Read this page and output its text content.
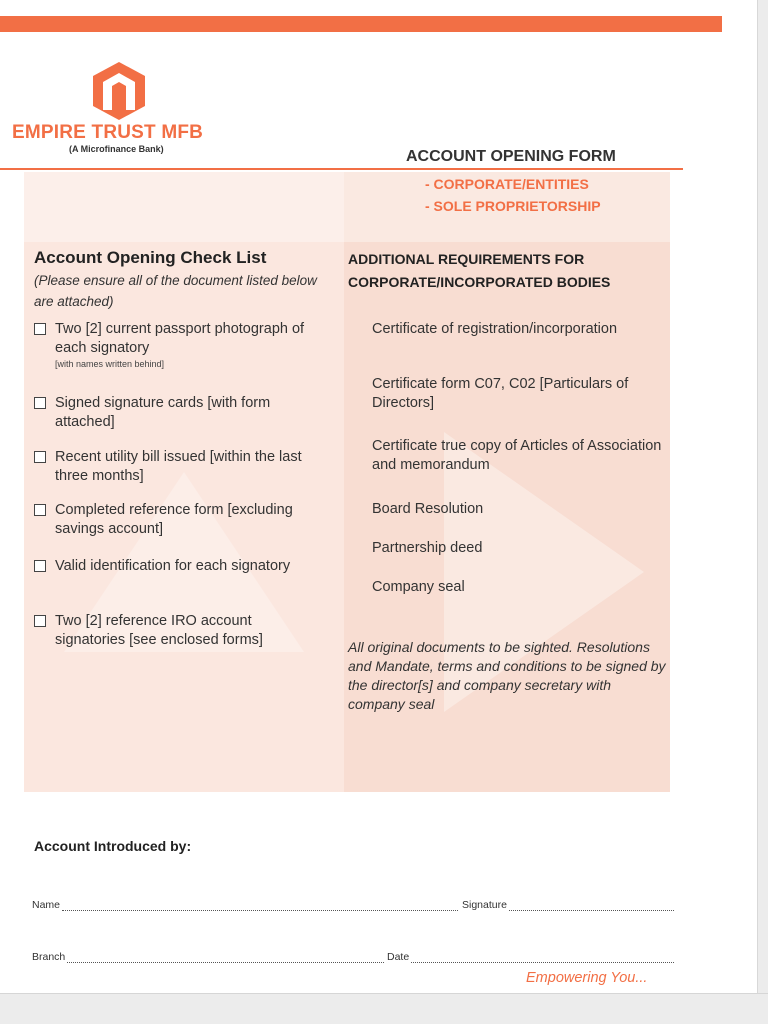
EMPIRE TRUST MFB
(A Microfinance Bank)	ACCOUNT OPENING FORM
- CORPORATE/ENTITIES
- SOLE PROPRIETORSHIP
Account Opening Check List
(Please ensure all of the document listed below are attached)
Two [2] current passport photograph of each signatory
[with names written behind]
Signed signature cards [with form attached]
Recent utility bill issued [within the last three months]
Completed reference form [excluding savings account]
Valid identification for each signatory
Two [2] reference IRO account signatories [see enclosed forms]
ADDITIONAL REQUIREMENTS FOR CORPORATE/INCORPORATED BODIES
Certificate of registration/incorporation
Certificate form C07, C02 [Particulars of Directors]
Certificate true copy of Articles of Association and memorandum
Board Resolution
Partnership deed
Company seal
All original documents to be sighted. Resolutions and Mandate, terms and conditions to be signed by the director[s] and company secretary with company seal
Account Introduced by:
Name	Signature
Branch	Date
Empowering You...
